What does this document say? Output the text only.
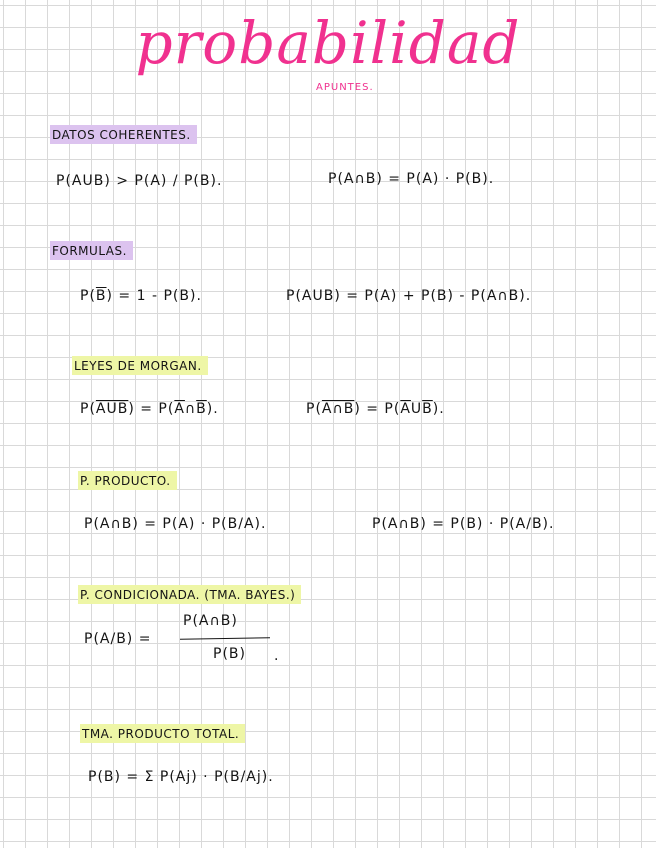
probabilidad
APUNTES.
DATOS COHERENTES.
P(AUB) > P(A) / P(B).	P(A∩B) = P(A) · P(B).
FORMULAS.
$P(\overline{B}) = 1 - P(B)$.	P(AUB) = P(A) + P(B) - P(A∩B).
LEYES DE MORGAN.
$P(\overline{AUB})$ = $P(\overline{A}\cap\overline{B})$.	P(A∩B) = $P(\overline{A}U\overline{B})$.
P. PRODUCTO.
P(A∩B) = P(A) · P(B/A).	P(A∩B) = P(B) · P(A/B).
P. CONDICIONADA. (TMA. BAYES.)
P(A/B) =
P(A∩B)
P(B) .
TMA. PRODUCTO TOTAL.
P(B) = Σ P(Aj) · P(B/Aj).
